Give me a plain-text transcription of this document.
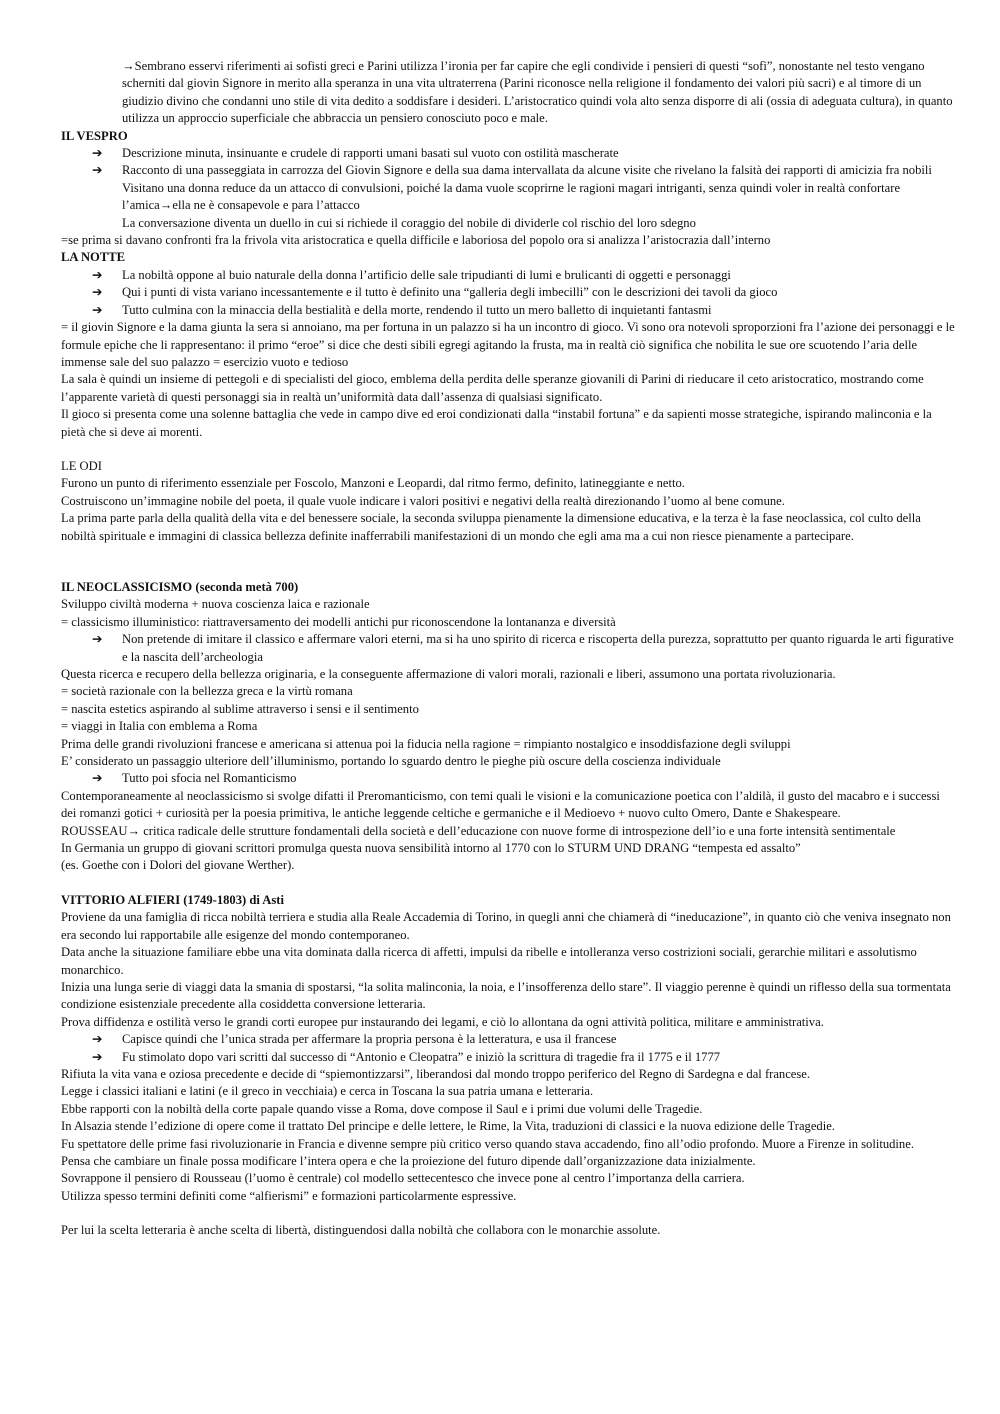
→Sembrano esservi riferimenti ai sofisti greci e Parini utilizza l’ironia per far capire che egli condivide i pensieri di questi “sofì”, nonostante nel testo vengano scherniti dal giovin Signore in merito alla speranza in una vita ultraterrena (Parini riconosce nella religione il fondamento dei valori più sacri) e al timore di un giudizio divino che condanni uno stile di vita dedito a soddisfare i desideri. L’aristocratico quindi vola alto senza disporre di ali (ossia di adeguata cultura), in quanto utilizza un approccio superficiale che abbraccia un pensiero conosciuto poco e male.

IL VESPRO

➔ Descrizione minuta, insinuante e crudele di rapporti umani basati sul vuoto con ostilità mascherate

➔ Racconto di una passeggiata in carrozza del Giovin Signore e della sua dama intervallata da alcune visite che rivelano la falsità dei rapporti di amicizia fra nobili

Visitano una donna reduce da un attacco di convulsioni, poiché la dama vuole scoprirne le ragioni magari intriganti, senza quindi voler in realtà confortare l’amica→ella ne è consapevole e para l’attacco

La conversazione diventa un duello in cui si richiede il coraggio del nobile di dividerle col rischio del loro sdegno

=se prima si davano confronti fra la frivola vita aristocratica e quella difficile e laboriosa del popolo ora si analizza l’aristocrazia dall’interno

LA NOTTE

➔ La nobiltà oppone al buio naturale della donna l’artificio delle sale tripudianti di lumi e brulicanti di oggetti e personaggi

➔ Qui i punti di vista variano incessantemente e il tutto è definito una “galleria degli imbecilli” con le descrizioni dei tavoli da gioco

➔ Tutto culmina con la minaccia della bestialità e della morte, rendendo il tutto un mero balletto di inquietanti fantasmi

= il giovin Signore e la dama giunta la sera si annoiano, ma per fortuna in un palazzo si ha un incontro di gioco. Vi sono ora notevoli sproporzioni fra l’azione dei personaggi e le formule epiche che li rappresentano: il primo “eroe” si dice che desti sibili egregi agitando la frusta, ma in realtà ciò significa che nobilita le sue ore scuotendo l’aria delle immense sale del suo palazzo = esercizio vuoto e tedioso

La sala è quindi un insieme di pettegoli e di specialisti del gioco, emblema della perdita delle speranze giovanili di Parini di rieducare il ceto aristocratico, mostrando come l’apparente varietà di questi personaggi sia in realtà un’uniformità data dall’assenza di qualsiasi significato.

Il gioco si presenta come una solenne battaglia che vede in campo dive ed eroi condizionati dalla “instabil fortuna” e da sapienti mosse strategiche, ispirando malinconia e la pietà che si deve ai morenti.

LE ODI

Furono un punto di riferimento essenziale per Foscolo, Manzoni e Leopardi, dal ritmo fermo, definito, latineggiante e netto.

Costruiscono un’immagine nobile del poeta, il quale vuole indicare i valori positivi e negativi della realtà direzionando l’uomo al bene comune.

La prima parte parla della qualità della vita e del benessere sociale, la seconda sviluppa pienamente la dimensione educativa, e la terza è la fase neoclassica, col culto della nobiltà spirituale e immagini di classica bellezza definite inafferrabili manifestazioni di un mondo che egli ama ma a cui non riesce pienamente a partecipare.

IL NEOCLASSICISMO (seconda metà 700)

Sviluppo civiltà moderna + nuova coscienza laica e razionale

= classicismo illuministico: riattraversamento dei modelli antichi pur riconoscendone la lontananza e diversità

➔ Non pretende di imitare il classico e affermare valori eterni, ma si ha uno spirito di ricerca e riscoperta della purezza, soprattutto per quanto riguarda le arti figurative e la nascita dell’archeologia

Questa ricerca e recupero della bellezza originaria, e la conseguente affermazione di valori morali, razionali e liberi, assumono una portata rivoluzionaria.

= società razionale con la bellezza greca e la virtù romana

= nascita estetics aspirando al sublime attraverso i sensi e il sentimento

= viaggi in Italia con emblema a Roma

Prima delle grandi rivoluzioni francese e americana si attenua poi la fiducia nella ragione = rimpianto nostalgico e insoddisfazione degli sviluppi

E’ considerato un passaggio ulteriore dell’illuminismo, portando lo sguardo dentro le pieghe più oscure della coscienza individuale

➔ Tutto poi sfocia nel Romanticismo

Contemporaneamente al neoclassicismo si svolge difatti il Preromanticismo, con temi quali le visioni e la comunicazione poetica con l’aldilà, il gusto del macabro e i successi dei romanzi gotici + curiosità per la poesia primitiva, le antiche leggende celtiche e germaniche e il Medioevo + nuovo culto Omero, Dante e Shakespeare.

ROUSSEAU→ critica radicale delle strutture fondamentali della società e dell’educazione con nuove forme di introspezione dell’io e una forte intensità sentimentale

In Germania un gruppo di giovani scrittori promulga questa nuova sensibilità intorno al 1770 con lo STURM UND DRANG “tempesta ed assalto”

(es. Goethe con i Dolori del giovane Werther).

VITTORIO ALFIERI (1749-1803) di Asti

Proviene da una famiglia di ricca nobiltà terriera e studia alla Reale Accademia di Torino, in quegli anni che chiamerà di “ineducazione”, in quanto ciò che veniva insegnato non era secondo lui rapportabile alle esigenze del mondo contemporaneo.

Data anche la situazione familiare ebbe una vita dominata dalla ricerca di affetti, impulsi da ribelle e intolleranza verso costrizioni sociali, gerarchie militari e assolutismo monarchico.

Inizia una lunga serie di viaggi data la smania di spostarsi, “la solita malinconia, la noia, e l’insofferenza dello stare”. Il viaggio perenne è quindi un riflesso della sua tormentata condizione esistenziale precedente alla cosiddetta conversione letteraria.

Prova diffidenza e ostilità verso le grandi corti europee pur instaurando dei legami, e ciò lo allontana da ogni attività politica, militare e amministrativa.

➔ Capisce quindi che l’unica strada per affermare la propria persona è la letteratura, e usa il francese

➔ Fu stimolato dopo vari scritti dal successo di “Antonio e Cleopatra” e iniziò la scrittura di tragedie fra il 1775 e il 1777

Rifiuta la vita vana e oziosa precedente e decide di “spiemontizzarsi”, liberandosi dal mondo troppo periferico del Regno di Sardegna e dal francese.

Legge i classici italiani e latini (e il greco in vecchiaia) e cerca in Toscana la sua patria umana e letteraria.

Ebbe rapporti con la nobiltà della corte papale quando visse a Roma, dove compose il Saul e i primi due volumi delle Tragedie.

In Alsazia stende l’edizione di opere come il trattato Del principe e delle lettere, le Rime, la Vita, traduzioni di classici e la nuova edizione delle Tragedie.

Fu spettatore delle prime fasi rivoluzionarie in Francia e divenne sempre più critico verso quando stava accadendo, fino all’odio profondo. Muore a Firenze in solitudine.

Pensa che cambiare un finale possa modificare l’intera opera e che la proiezione del futuro dipende dall’organizzazione data inizialmente.

Sovrappone il pensiero di Rousseau (l’uomo è centrale) col modello settecentesco che invece pone al centro l’importanza della carriera.

Utilizza spesso termini definiti come “alfierismi” e formazioni particolarmente espressive.

Per lui la scelta letteraria è anche scelta di libertà, distinguendosi dalla nobiltà che collabora con le monarchie assolute.
